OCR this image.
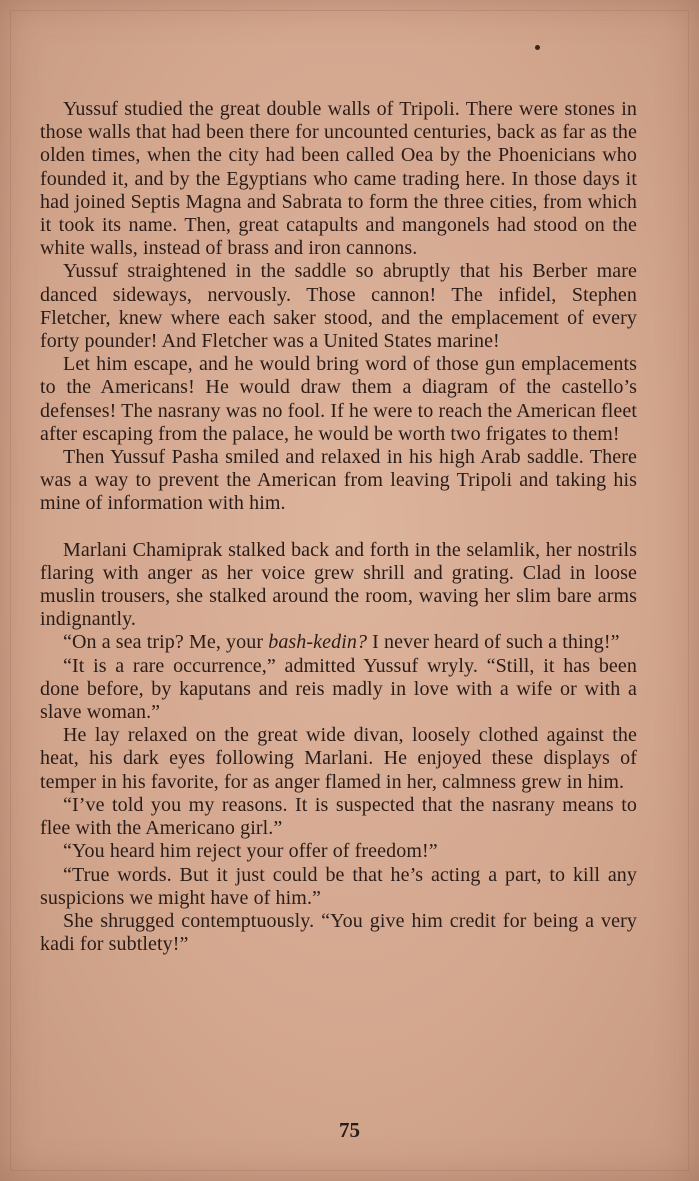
Yussuf studied the great double walls of Tripoli. There were stones in those walls that had been there for uncounted centuries, back as far as the olden times, when the city had been called Oea by the Phoenicians who founded it, and by the Egyptians who came trading here. In those days it had joined Septis Magna and Sabrata to form the three cities, from which it took its name. Then, great catapults and mangonels had stood on the white walls, instead of brass and iron cannons.

Yussuf straightened in the saddle so abruptly that his Berber mare danced sideways, nervously. Those cannon! The infidel, Stephen Fletcher, knew where each saker stood, and the emplacement of every forty pounder! And Fletcher was a United States marine!

Let him escape, and he would bring word of those gun emplacements to the Americans! He would draw them a diagram of the castello’s defenses! The nasrany was no fool. If he were to reach the American fleet after escaping from the palace, he would be worth two frigates to them!

Then Yussuf Pasha smiled and relaxed in his high Arab saddle. There was a way to prevent the American from leaving Tripoli and taking his mine of information with him.

Marlani Chamiprak stalked back and forth in the selamlik, her nostrils flaring with anger as her voice grew shrill and grating. Clad in loose muslin trousers, she stalked around the room, waving her slim bare arms indignantly.

“On a sea trip? Me, your bash-kedin? I never heard of such a thing!”

“It is a rare occurrence,” admitted Yussuf wryly. “Still, it has been done before, by kaputans and reis madly in love with a wife or with a slave woman.”

He lay relaxed on the great wide divan, loosely clothed against the heat, his dark eyes following Marlani. He enjoyed these displays of temper in his favorite, for as anger flamed in her, calmness grew in him.

“I’ve told you my reasons. It is suspected that the nasrany means to flee with the Americano girl.”

“You heard him reject your offer of freedom!”

“True words. But it just could be that he’s acting a part, to kill any suspicions we might have of him.”

She shrugged contemptuously. “You give him credit for being a very kadi for subtlety!”

75
